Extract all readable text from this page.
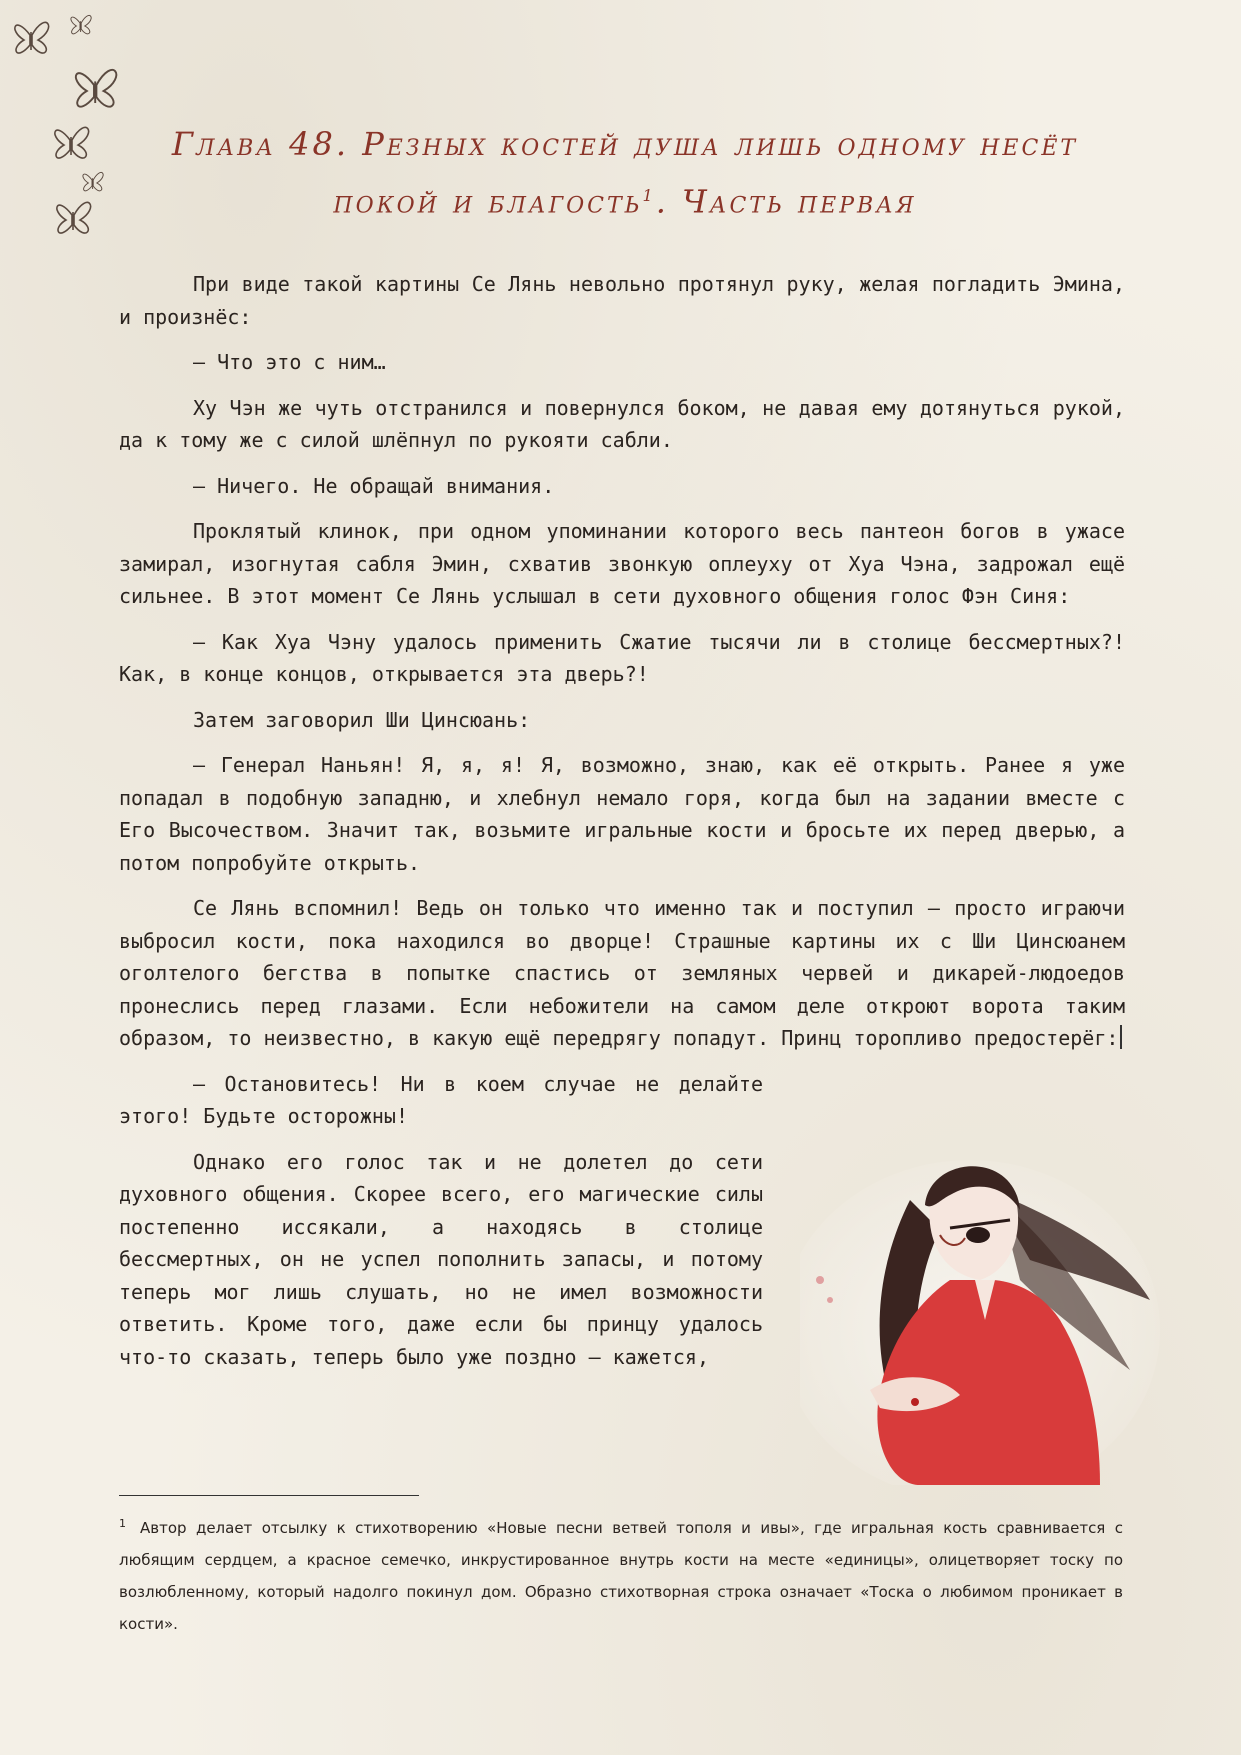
Глава 48. Резных костей душа лишь одному несёт
покой и благость$^1$. Часть первая

При виде такой картины Се Лянь невольно протянул руку, желая погладить Эмина, и произнёс:

— Что это с ним…

Ху Чэн же чуть отстранился и повернулся боком, не давая ему дотянуться рукой, да к тому же с силой шлёпнул по рукояти сабли.

— Ничего. Не обращай внимания.

Проклятый клинок, при одном упоминании которого весь пантеон богов в ужасе замирал, изогнутая сабля Эмин, схватив звонкую оплеуху от Хуа Чэна, задрожал ещё сильнее. В этот момент Се Лянь услышал в сети духовного общения голос Фэн Синя:

— Как Хуа Чэну удалось применить Сжатие тысячи ли в столице бессмертных?! Как, в конце концов, открывается эта дверь?!

Затем заговорил Ши Цинсюань:

— Генерал Наньян! Я, я, я! Я, возможно, знаю, как её открыть. Ранее я уже попадал в подобную западню, и хлебнул немало горя, когда был на задании вместе с Его Высочеством. Значит так, возьмите игральные кости и бросьте их перед дверью, а потом попробуйте открыть.

Се Лянь вспомнил! Ведь он только что именно так и поступил — просто играючи выбросил кости, пока находился во дворце! Страшные картины их с Ши Цинсюанем оголтелого бегства в попытке спастись от земляных червей и дикарей-людоедов пронеслись перед глазами. Если небожители на самом деле откроют ворота таким образом, то неизвестно, в какую ещё передрягу попадут. Принц торопливо предостерёг:

— Остановитесь! Ни в коем случае не делайте этого! Будьте осторожны!

Однако его голос так и не долетел до сети духовного общения. Скорее всего, его магические силы постепенно иссякали, а находясь в столице бессмертных, он не успел пополнить запасы, и потому теперь мог лишь слушать, но не имел возможности ответить. Кроме того, даже если бы принцу удалось что-то сказать, теперь было уже поздно — кажется,

$^1$ Автор делает отсылку к стихотворению «Новые песни ветвей тополя и ивы», где игральная кость сравнивается с любящим сердцем, а красное семечко, инкрустированное внутрь кости на месте «единицы», олицетворяет тоску по возлюбленному, который надолго покинул дом. Образно стихотворная строка означает «Тоска о любимом проникает в кости».
